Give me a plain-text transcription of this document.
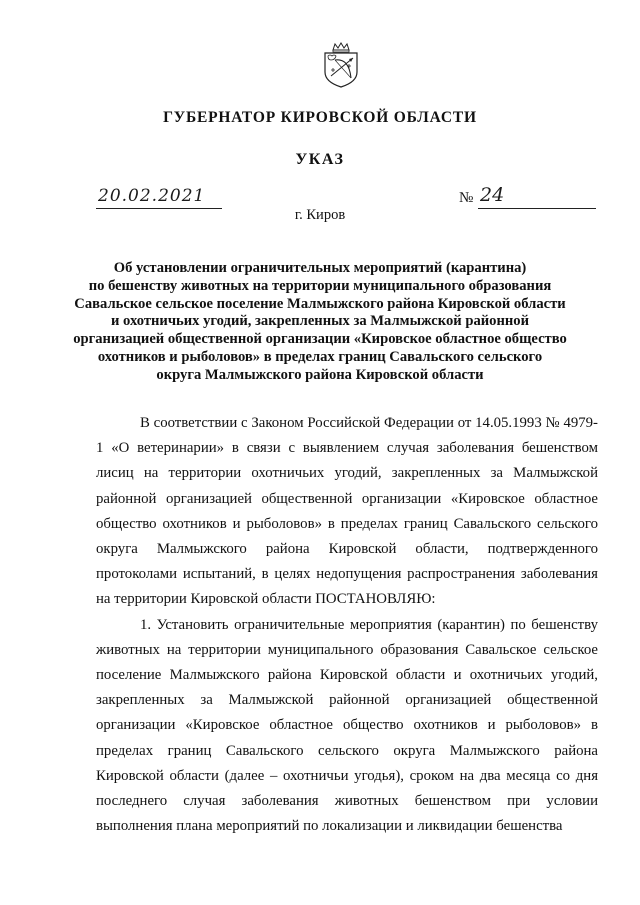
ГУБЕРНАТОР КИРОВСКОЙ ОБЛАСТИ
УКАЗ
20.02.2021	№ 24
г. Киров
Об установлении ограничительных мероприятий (карантина)
по бешенству животных на территории муниципального образования
Савальское сельское поселение Малмыжского района Кировской области
и охотничьих угодий, закрепленных за Малмыжской районной
организацией общественной организации «Кировское областное общество
охотников и рыболовов» в пределах границ Савальского сельского
округа Малмыжского района Кировской области

В соответствии с Законом Российской Федерации от 14.05.1993 № 4979-1 «О ветеринарии» в связи с выявлением случая заболевания бешенством лисиц на территории охотничьих угодий, закрепленных за Малмыжской районной организацией общественной организации «Кировское областное общество охотников и рыболовов» в пределах границ Савальского сельского округа Малмыжского района Кировской области, подтвержденного протоколами испытаний, в целях недопущения распространения заболевания на территории Кировской области ПОСТАНОВЛЯЮ:

1. Установить ограничительные мероприятия (карантин) по бешенству животных на территории муниципального образования Савальское сельское поселение Малмыжского района Кировской области и охотничьих угодий, закрепленных за Малмыжской районной организацией общественной организации «Кировское областное общество охотников и рыболовов» в пределах границ Савальского сельского округа Малмыжского района Кировской области (далее – охотничьи угодья), сроком на два месяца со дня последнего случая заболевания животных бешенством при условии выполнения плана мероприятий по локализации и ликвидации бешенства
